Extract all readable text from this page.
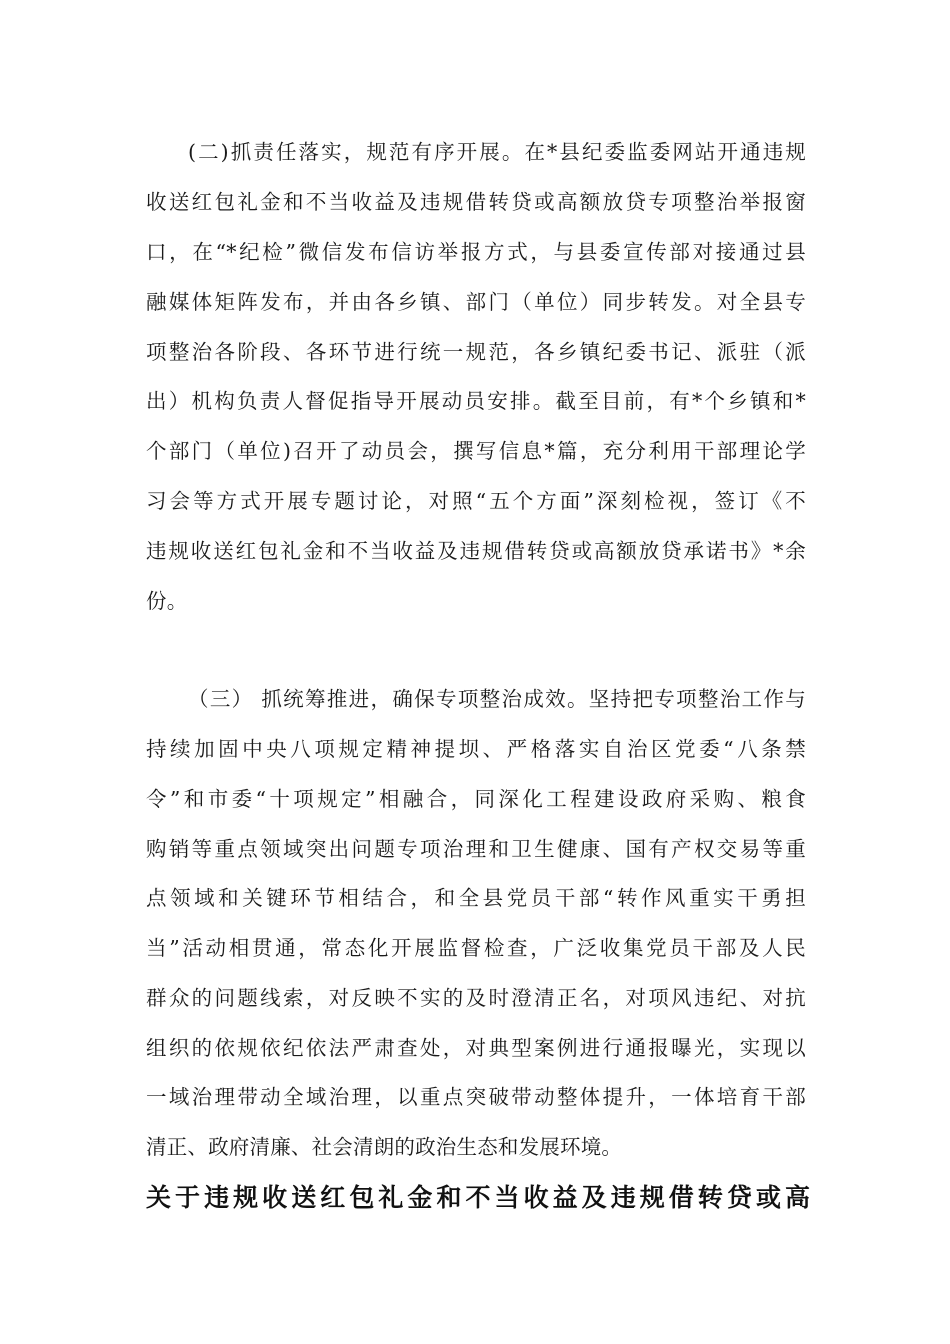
(二)抓责任落实，规范有序开展。在*县纪委监委网站开通违规
收送红包礼金和不当收益及违规借转贷或高额放贷专项整治举报窗
口，在“*纪检”微信发布信访举报方式，与县委宣传部对接通过县
融媒体矩阵发布，并由各乡镇、部门（单位）同步转发。对全县专
项整治各阶段、各环节进行统一规范，各乡镇纪委书记、派驻（派
出）机构负责人督促指导开展动员安排。截至目前，有*个乡镇和*
个部门（单位)召开了动员会，撰写信息*篇，充分利用干部理论学
习会等方式开展专题讨论，对照“五个方面”深刻检视，签订《不
违规收送红包礼金和不当收益及违规借转贷或高额放贷承诺书》*余
份。
（三） 抓统筹推进，确保专项整治成效。坚持把专项整治工作与
持续加固中央八项规定精神提坝、严格落实自治区党委“八条禁
令”和市委“十项规定”相融合，同深化工程建设政府采购、粮食
购销等重点领域突出问题专项治理和卫生健康、国有产权交易等重
点领域和关键环节相结合，和全县党员干部“转作风重实干勇担
当”活动相贯通，常态化开展监督检查，广泛收集党员干部及人民
群众的问题线索，对反映不实的及时澄清正名，对项风违纪、对抗
组织的依规依纪依法严肃查处，对典型案例进行通报曝光，实现以
一域治理带动全域治理，以重点突破带动整体提升，一体培育干部
清正、政府清廉、社会清朗的政治生态和发展环境。
关于违规收送红包礼金和不当收益及违规借转贷或高
